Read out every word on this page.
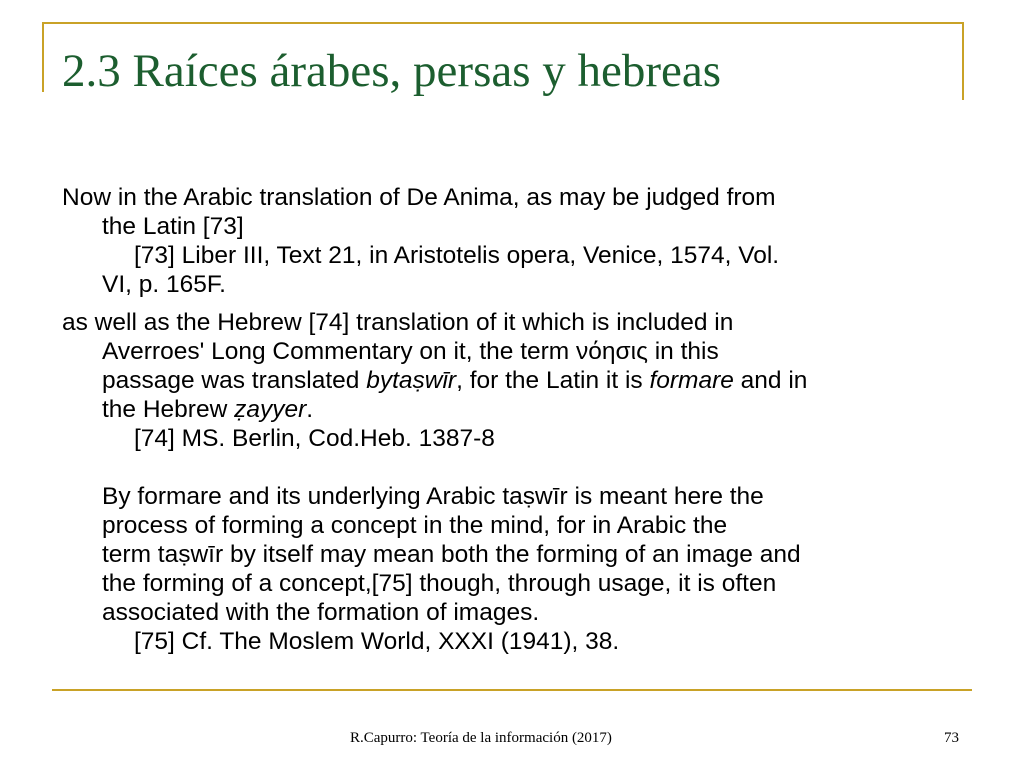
2.3 Raíces árabes, persas y hebreas
Now in the Arabic translation of De Anima, as may be judged from
the Latin [73]
[73] Liber III, Text 21, in Aristotelis opera, Venice, 1574, Vol.
VI, p. 165F.
as well as the Hebrew [74] translation of it which is included in
Averroes' Long Commentary on it, the term νόησις in this
passage was translated bytaṣwīr, for the Latin it is formare and in
the Hebrew ẓayyer.
[74] MS. Berlin, Cod.Heb. 1387-8

By formare and its underlying Arabic taṣwīr is meant here the
process of forming a concept in the mind, for in Arabic the
term taṣwīr by itself may mean both the forming of an image and
the forming of a concept,[75] though, through usage, it is often
associated with the formation of images.
[75] Cf. The Moslem World, XXXI (1941), 38.
R.Capurro: Teoría de la información (2017)	73
